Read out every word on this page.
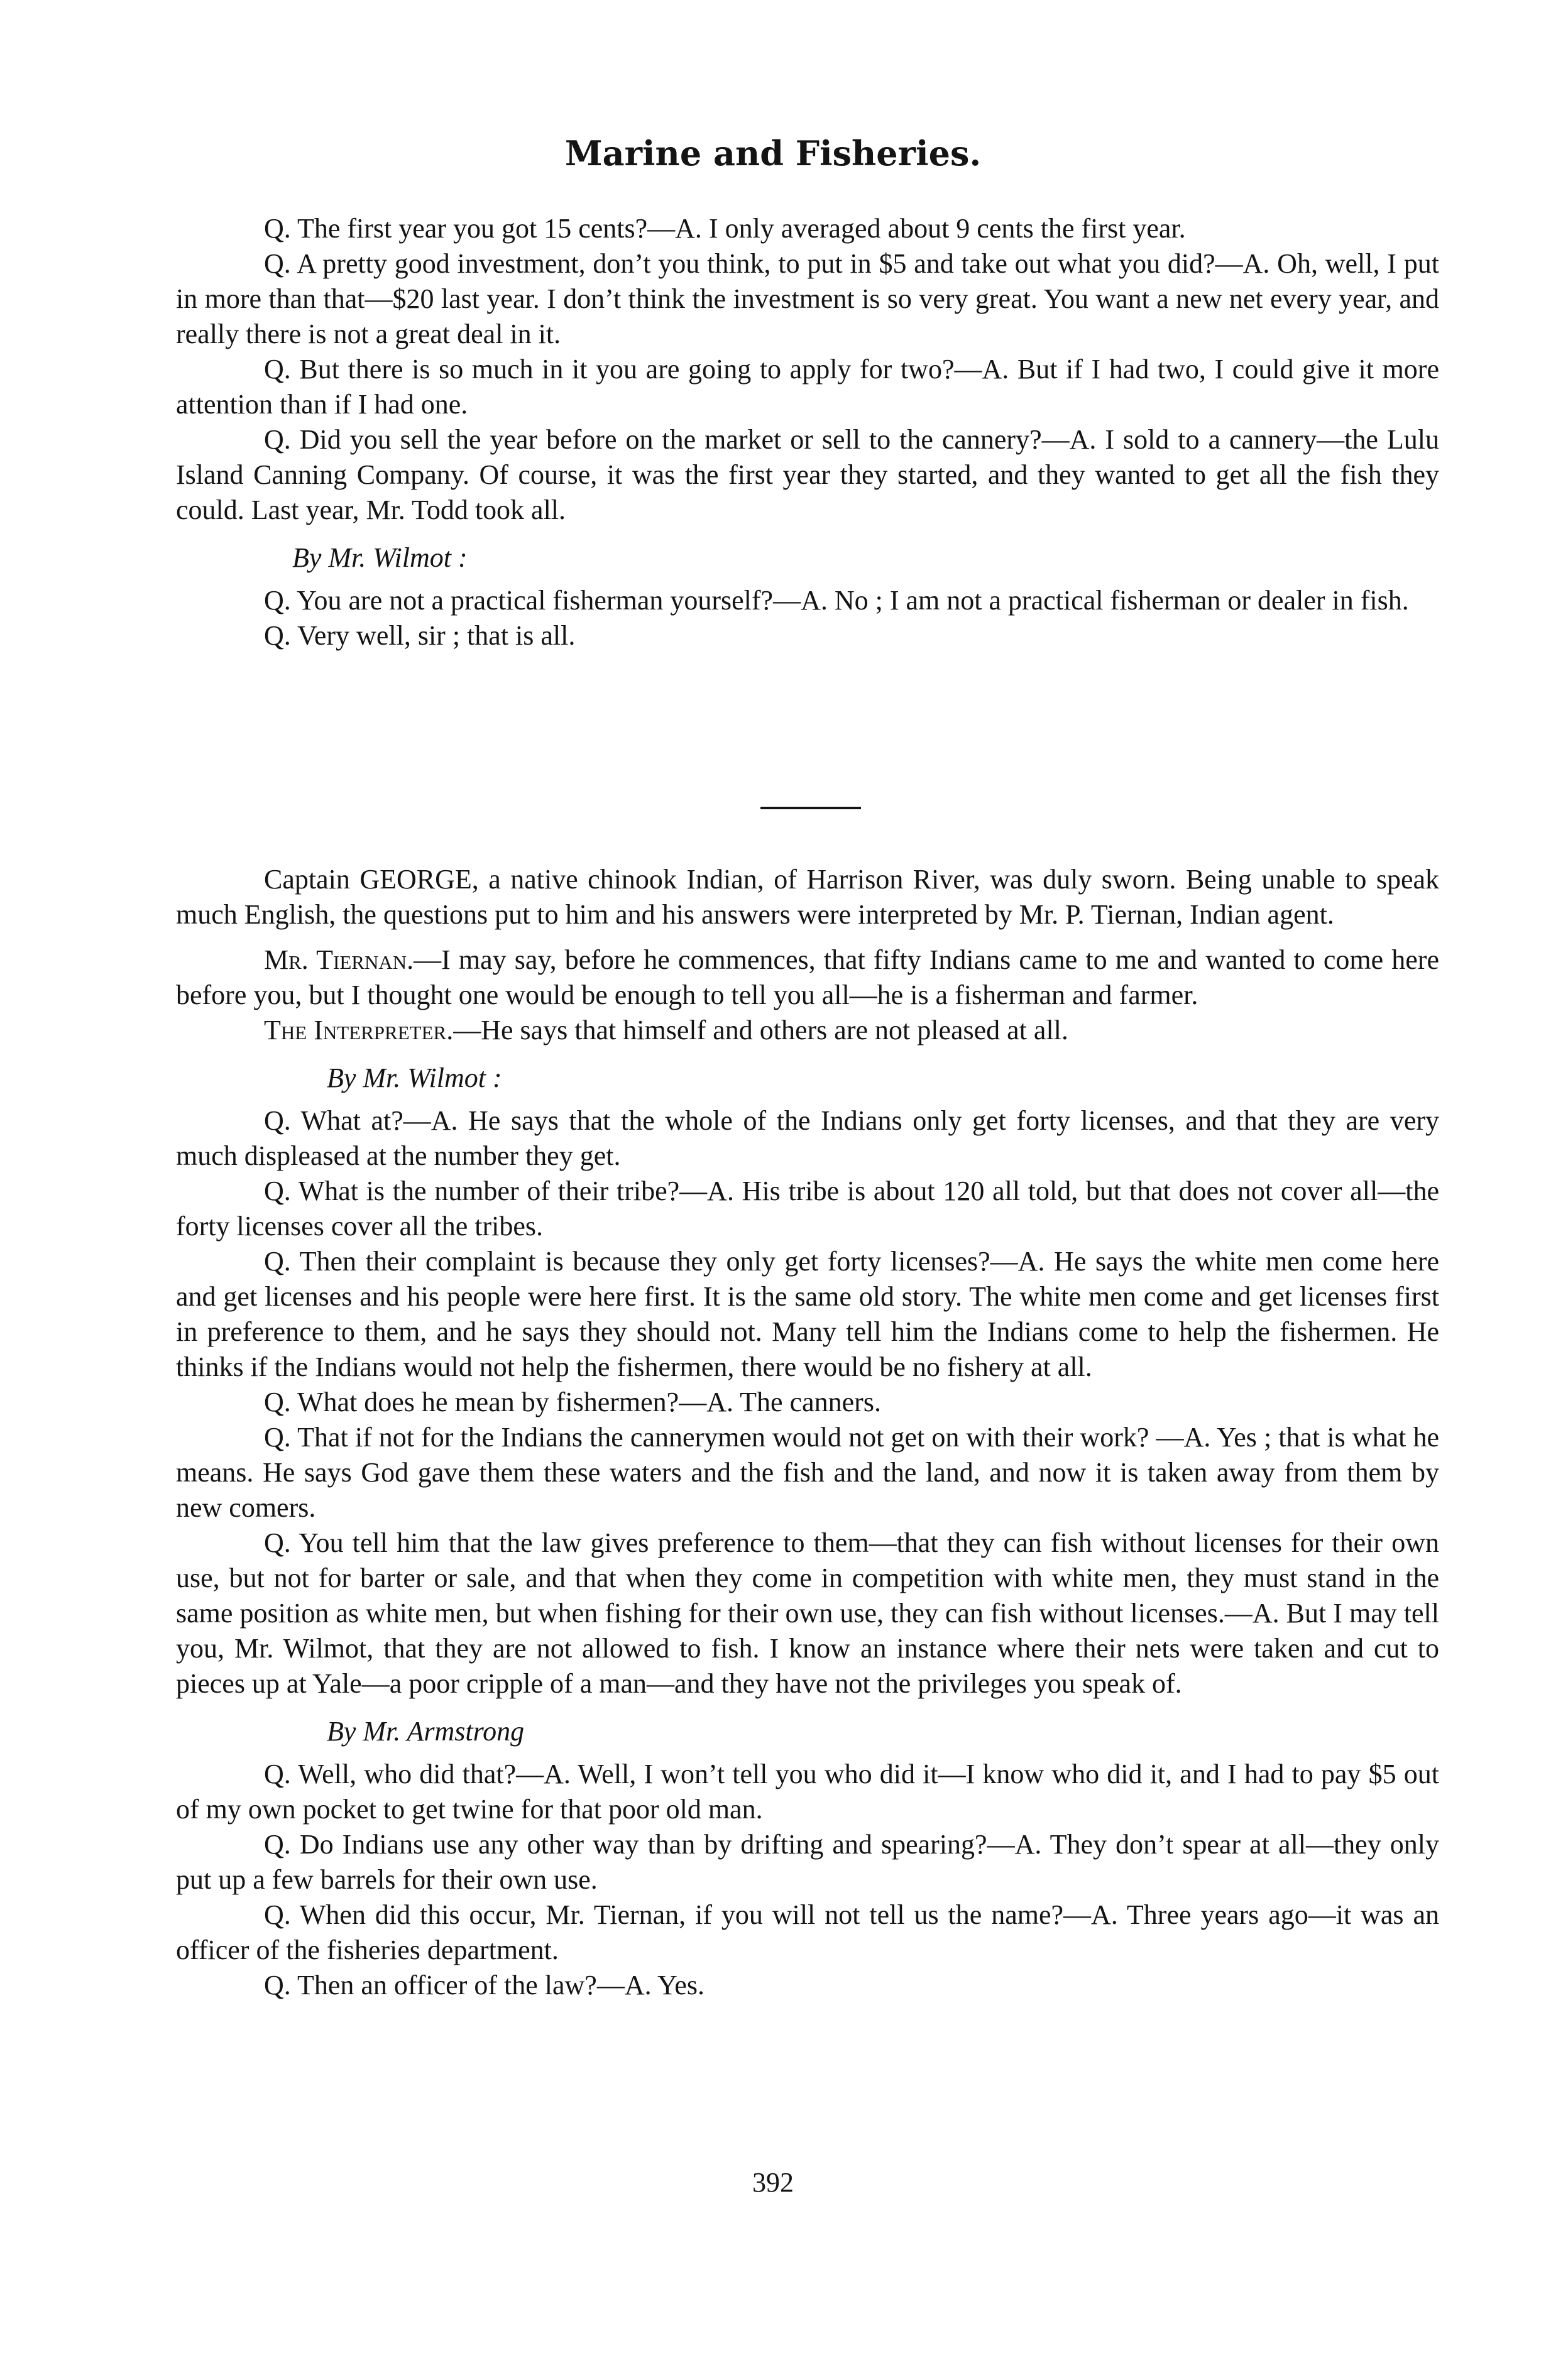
Marine and Fisheries.

Q. The first year you got 15 cents?—A. I only averaged about 9 cents the first year.

Q. A pretty good investment, don’t you think, to put in $5 and take out what you did?—A. Oh, well, I put in more than that—$20 last year. I don’t think the investment is so very great. You want a new net every year, and really there is not a great deal in it.

Q. But there is so much in it you are going to apply for two?—A. But if I had two, I could give it more attention than if I had one.

Q. Did you sell the year before on the market or sell to the cannery?—A. I sold to a cannery—the Lulu Island Canning Company. Of course, it was the first year they started, and they wanted to get all the fish they could. Last year, Mr. Todd took all.

By Mr. Wilmot :

Q. You are not a practical fisherman yourself?—A. No ; I am not a practical fisherman or dealer in fish.

Q. Very well, sir ; that is all.

Captain GEORGE, a native chinook Indian, of Harrison River, was duly sworn. Being unable to speak much English, the questions put to him and his answers were interpreted by Mr. P. Tiernan, Indian agent.

Mr. Tiernan.—I may say, before he commences, that fifty Indians came to me and wanted to come here before you, but I thought one would be enough to tell you all—he is a fisherman and farmer.

The Interpreter.—He says that himself and others are not pleased at all.

By Mr. Wilmot :

Q. What at?—A. He says that the whole of the Indians only get forty licenses, and that they are very much displeased at the number they get.

Q. What is the number of their tribe?—A. His tribe is about 120 all told, but that does not cover all—the forty licenses cover all the tribes.

Q. Then their complaint is because they only get forty licenses?—A. He says the white men come here and get licenses and his people were here first. It is the same old story. The white men come and get licenses first in preference to them, and he says they should not. Many tell him the Indians come to help the fishermen. He thinks if the Indians would not help the fishermen, there would be no fishery at all.

Q. What does he mean by fishermen?—A. The canners.

Q. That if not for the Indians the cannerymen would not get on with their work? —A. Yes ; that is what he means. He says God gave them these waters and the fish and the land, and now it is taken away from them by new comers.

Q. You tell him that the law gives preference to them—that they can fish without licenses for their own use, but not for barter or sale, and that when they come in competition with white men, they must stand in the same position as white men, but when fishing for their own use, they can fish without licenses.—A. But I may tell you, Mr. Wilmot, that they are not allowed to fish. I know an instance where their nets were taken and cut to pieces up at Yale—a poor cripple of a man—and they have not the privileges you speak of.

By Mr. Armstrong

Q. Well, who did that?—A. Well, I won’t tell you who did it—I know who did it, and I had to pay $5 out of my own pocket to get twine for that poor old man.

Q. Do Indians use any other way than by drifting and spearing?—A. They don’t spear at all—they only put up a few barrels for their own use.

Q. When did this occur, Mr. Tiernan, if you will not tell us the name?—A. Three years ago—it was an officer of the fisheries department.

Q. Then an officer of the law?—A. Yes.

392
